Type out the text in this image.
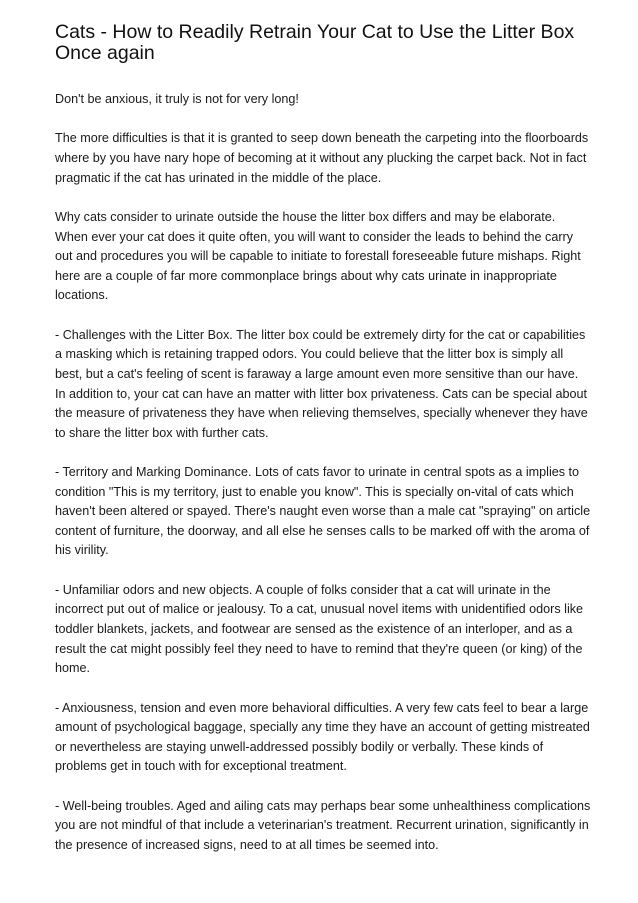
Cats - How to Readily Retrain Your Cat to Use the Litter Box Once again

Don't be anxious, it truly is not for very long!

The more difficulties is that it is granted to seep down beneath the carpeting into the floorboards where by you have nary hope of becoming at it without any plucking the carpet back. Not in fact pragmatic if the cat has urinated in the middle of the place.

Why cats consider to urinate outside the house the litter box differs and may be elaborate. When ever your cat does it quite often, you will want to consider the leads to behind the carry out and procedures you will be capable to initiate to forestall foreseeable future mishaps. Right here are a couple of far more commonplace brings about why cats urinate in inappropriate locations.

- Challenges with the Litter Box. The litter box could be extremely dirty for the cat or capabilities a masking which is retaining trapped odors. You could believe that the litter box is simply all best, but a cat's feeling of scent is faraway a large amount even more sensitive than our have. In addition to, your cat can have an matter with litter box privateness. Cats can be special about the measure of privateness they have when relieving themselves, specially whenever they have to share the litter box with further cats.

- Territory and Marking Dominance. Lots of cats favor to urinate in central spots as a implies to condition "This is my territory, just to enable you know". This is specially on-vital of cats which haven't been altered or spayed. There's naught even worse than a male cat "spraying" on article content of furniture, the doorway, and all else he senses calls to be marked off with the aroma of his virility.

- Unfamiliar odors and new objects. A couple of folks consider that a cat will urinate in the incorrect put out of malice or jealousy. To a cat, unusual novel items with unidentified odors like toddler blankets, jackets, and footwear are sensed as the existence of an interloper, and as a result the cat might possibly feel they need to have to remind that they're queen (or king) of the home.

- Anxiousness, tension and even more behavioral difficulties. A very few cats feel to bear a large amount of psychological baggage, specially any time they have an account of getting mistreated or nevertheless are staying unwell-addressed possibly bodily or verbally. These kinds of problems get in touch with for exceptional treatment.

- Well-being troubles. Aged and ailing cats may perhaps bear some unhealthiness complications you are not mindful of that include a veterinarian's treatment. Recurrent urination, significantly in the presence of increased signs, need to at all times be seemed into.
